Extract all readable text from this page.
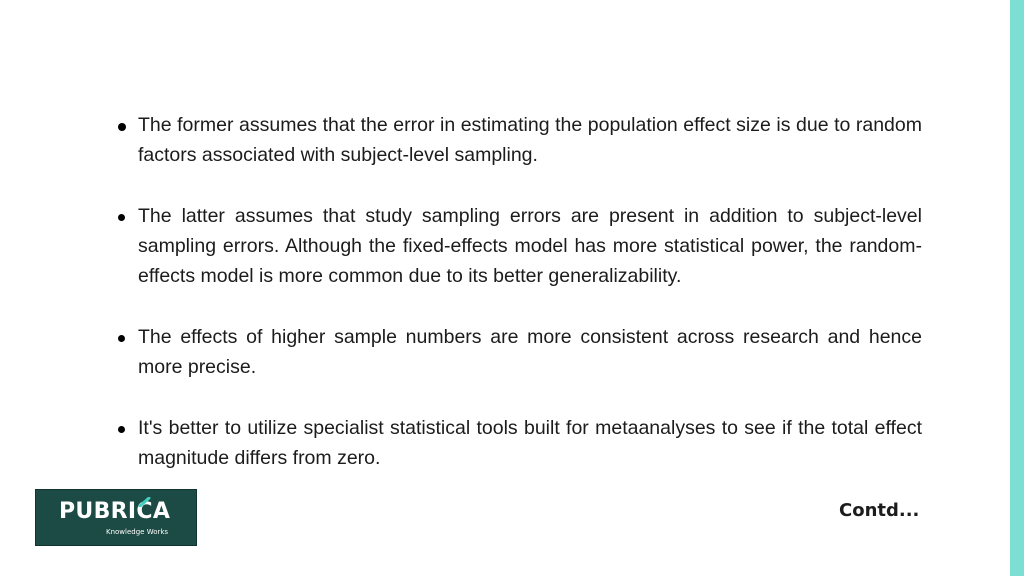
The former assumes that the error in estimating the population effect size is due to random factors associated with subject-level sampling.
The latter assumes that study sampling errors are present in addition to subject-level sampling errors. Although the fixed-effects model has more statistical power, the random-effects model is more common due to its better generalizability.
The effects of higher sample numbers are more consistent across research and hence more precise.
It's better to utilize specialist statistical tools built for metaanalyses to see if the total effect magnitude differs from zero.
PUBRICA
Knowledge Works
Contd...
